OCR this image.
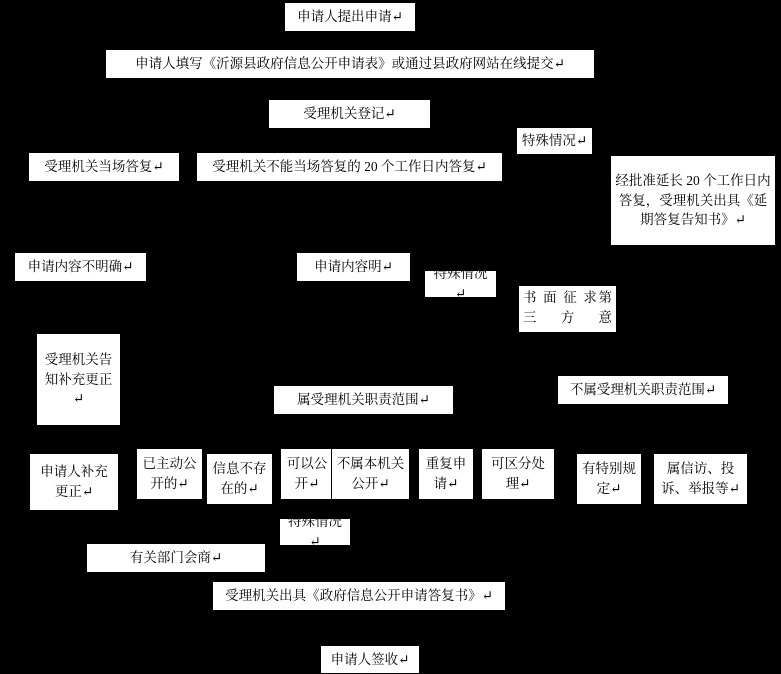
申请人提出申请↵
申请人填写《沂源县政府信息公开申请表》或通过县政府网站在线提交↵
受理机关登记↵
特殊情况↵
受理机关当场答复↵	受理机关不能当场答复的 20 个工作日内答复↵
经批准延长 20 个工作日内答复，受理机关出具《延期答复告知书》↵
申请内容不明确↵	申请内容明↵	特殊情况↵	书 面 征 求第三方意
受理机关告知补充更正↵	属受理机关职责范围↵
不属受理机关职责范围↵
申请人补充更正↵
已主动公开的↵
信息不存在的↵
可以公开↵
不属本机关公开↵
重复申请↵
可区分处理↵
有特别规定↵
属信访、投诉、举报等↵
特殊情况↵
有关部门会商↵
受理机关出具《政府信息公开申请答复书》↵
申请人签收↵
